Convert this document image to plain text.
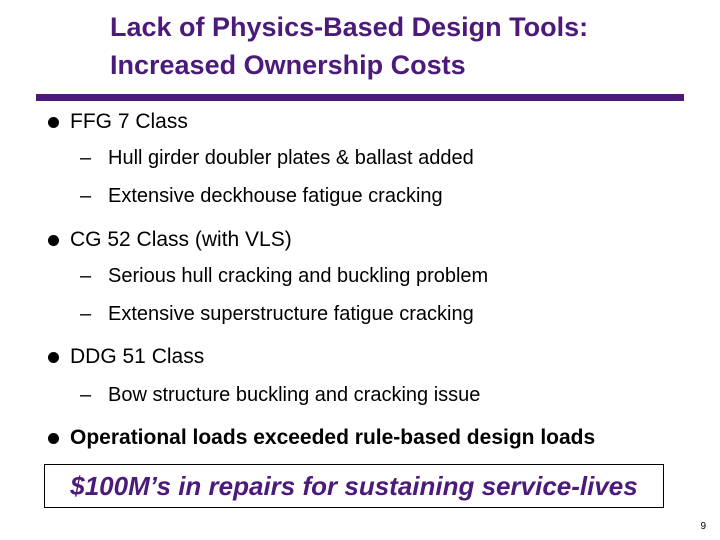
Lack of Physics-Based Design Tools:
Increased Ownership Costs
FFG 7 Class
– Hull girder doubler plates & ballast added
– Extensive deckhouse fatigue cracking
CG 52 Class (with VLS)
– Serious hull cracking and buckling problem
– Extensive superstructure fatigue cracking
DDG 51 Class
– Bow structure buckling and cracking issue
Operational loads exceeded rule-based design loads
$100M’s in repairs for sustaining service-lives
9
